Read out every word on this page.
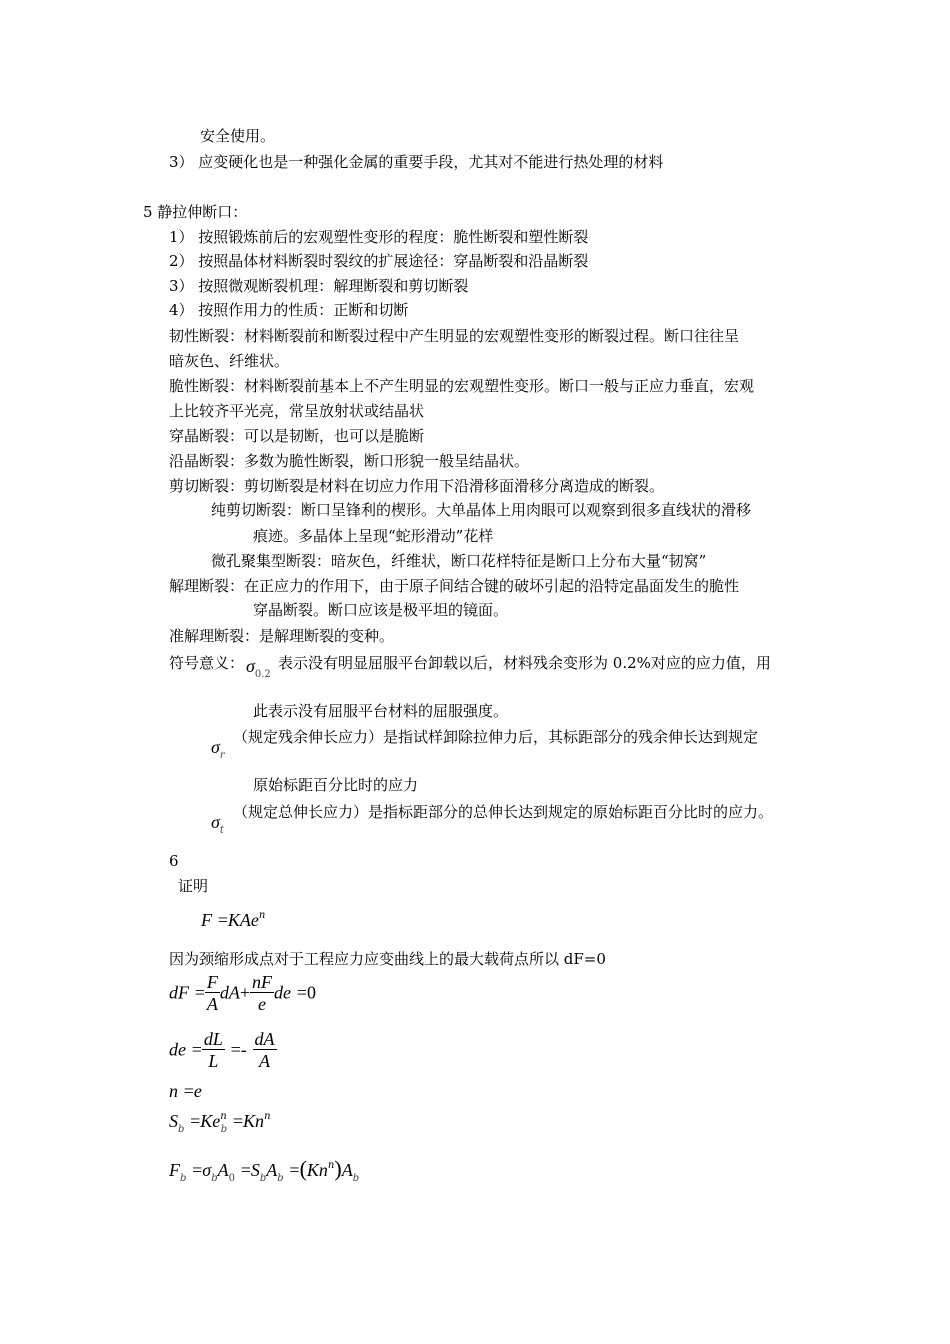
安全使用。
3） 应变硬化也是一种强化金属的重要手段，尤其对不能进行热处理的材料
5 静拉伸断口：
1） 按照锻炼前后的宏观塑性变形的程度：脆性断裂和塑性断裂
2） 按照晶体材料断裂时裂纹的扩展途径：穿晶断裂和沿晶断裂
3） 按照微观断裂机理：解理断裂和剪切断裂
4） 按照作用力的性质：正断和切断
韧性断裂：材料断裂前和断裂过程中产生明显的宏观塑性变形的断裂过程。断口往往呈
暗灰色、纤维状。
脆性断裂：材料断裂前基本上不产生明显的宏观塑性变形。断口一般与正应力垂直，宏观
上比较齐平光亮，常呈放射状或结晶状
穿晶断裂：可以是韧断，也可以是脆断
沿晶断裂：多数为脆性断裂，断口形貌一般呈结晶状。
剪切断裂：剪切断裂是材料在切应力作用下沿滑移面滑移分离造成的断裂。
纯剪切断裂：断口呈锋利的楔形。大单晶体上用肉眼可以观察到很多直线状的滑移
痕迹。多晶体上呈现“蛇形滑动”花样
微孔聚集型断裂：暗灰色，纤维状，断口花样特征是断口上分布大量“韧窝”
解理断裂：在正应力的作用下，由于原子间结合键的破坏引起的沿特定晶面发生的脆性
穿晶断裂。断口应该是极平坦的镜面。
准解理断裂：是解理断裂的变种。
符号意义： $\sigma_{0.2}$
表示没有明显屈服平台卸载以后，材料残余变形为 0.2%对应的应力值，用
此表示没有屈服平台材料的屈服强度。
$\sigma_r$
（规定残余伸长应力）是指试样卸除拉伸力后，其标距部分的残余伸长达到规定
原始标距百分比时的应力
$\sigma_t$
（规定总伸长应力）是指标距部分的总伸长达到规定的原始标距百分比时的应力。
6
证明
F =KAe$^n$
因为颈缩形成点对于工程应力应变曲线上的最大载荷点所以 dF=0
dF = $\frac{F}{A} dA+ \frac{nF}{e}$ de =0
de = $\frac{dL}{L} =- \frac{dA}{A}$
n =e
$S_b =Ke^n_b =Kn^n$
$F_b =\sigma_bA_0 =S_bA_b =(Kn^n)A_b$
